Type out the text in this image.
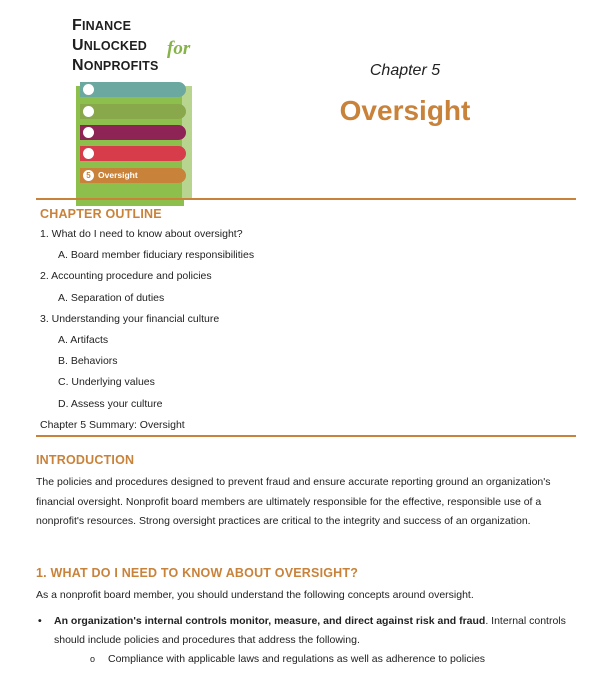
FINANCE
UNLOCKED
NONPROFITS
for
5 Oversight
Chapter 5
Oversight
CHAPTER OUTLINE
1. What do I need to know about oversight?
A. Board member fiduciary responsibilities
2. Accounting procedure and policies
A. Separation of duties
3. Understanding your financial culture
A. Artifacts
B. Behaviors
C. Underlying values
D. Assess your culture
Chapter 5 Summary: Oversight
INTRODUCTION

The policies and procedures designed to prevent fraud and ensure accurate reporting ground an organization's financial oversight. Nonprofit board members are ultimately responsible for the effective, responsible use of a nonprofit's resources. Strong oversight practices are critical to the integrity and success of an organization.

1. WHAT DO I NEED TO KNOW ABOUT OVERSIGHT?

As a nonprofit board member, you should understand the following concepts around oversight.

• An organization's internal controls monitor, measure, and direct against risk and fraud. Internal controls should include policies and procedures that address the following.
o Compliance with applicable laws and regulations as well as adherence to policies
